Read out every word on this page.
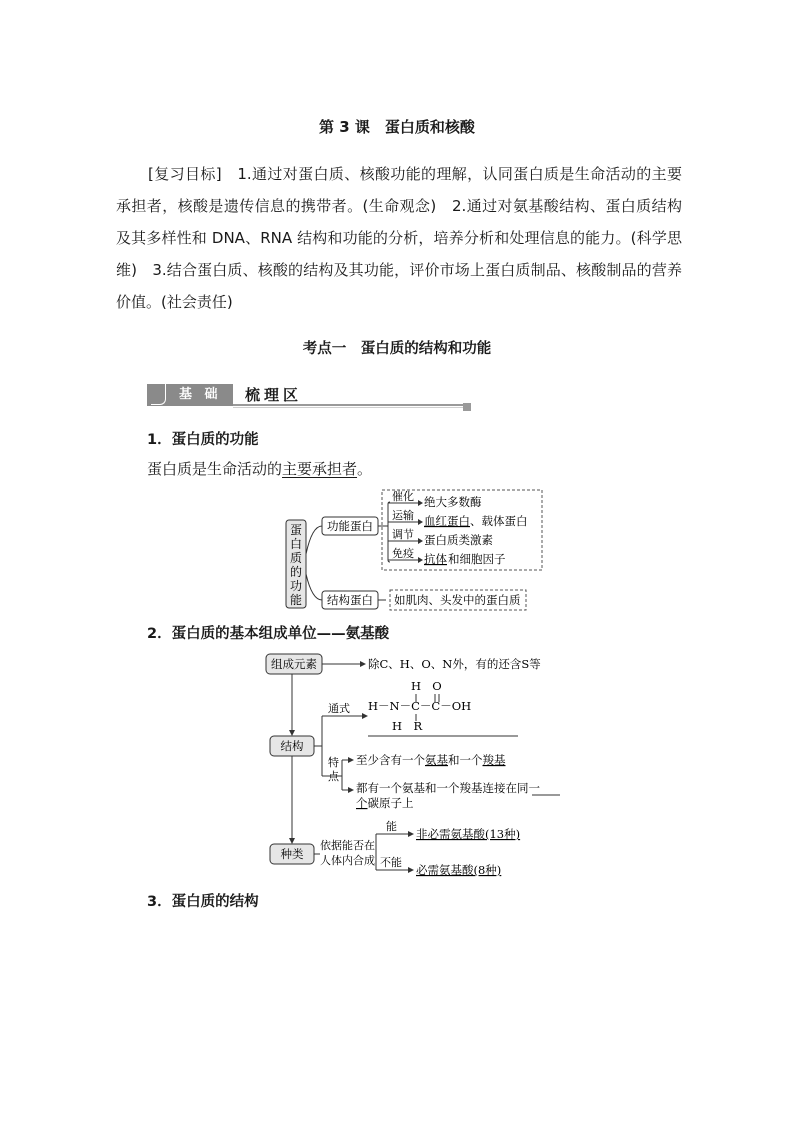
第 3 课　蛋白质和核酸
[复习目标]　 1.通过对蛋白质、核酸功能的理解，认同蛋白质是生命活动的主要承担者，核酸是遗传信息的携带者。(生命观念)　2.通过对氨基酸结构、蛋白质结构及其多样性和 DNA、RNA 结构和功能的分析，培养分析和处理信息的能力。(科学思维)　3.结合蛋白质、核酸的结构及其功能，评价市场上蛋白质制品、核酸制品的营养价值。(社会责任)
考点一　蛋白质的结构和功能
基 础 梳理区
1．蛋白质的功能
蛋白质是生命活动的主要承担者。
蛋
白
质
的
功
能
功能蛋白
结构蛋白
催化 绝大多数酶
运输 血红蛋白 、载体蛋白
调节 蛋白质类激素
免疫 抗体 和细胞因子
如肌肉、头发中的蛋白质
2．蛋白质的基本组成单位——氨基酸
组成元素	除C、H、O、N外，有的还含S等
结构
通式
H O
H－N－C－C－OH
H　R
特
点
至少含有一个氨基和一个羧基
都有一个氨基和一个羧基连接在同一
个碳原子上
种类
依据能否在
人体内合成
能
非必需氨基酸(13种)
不能
必需氨基酸(8种)
3．蛋白质的结构
